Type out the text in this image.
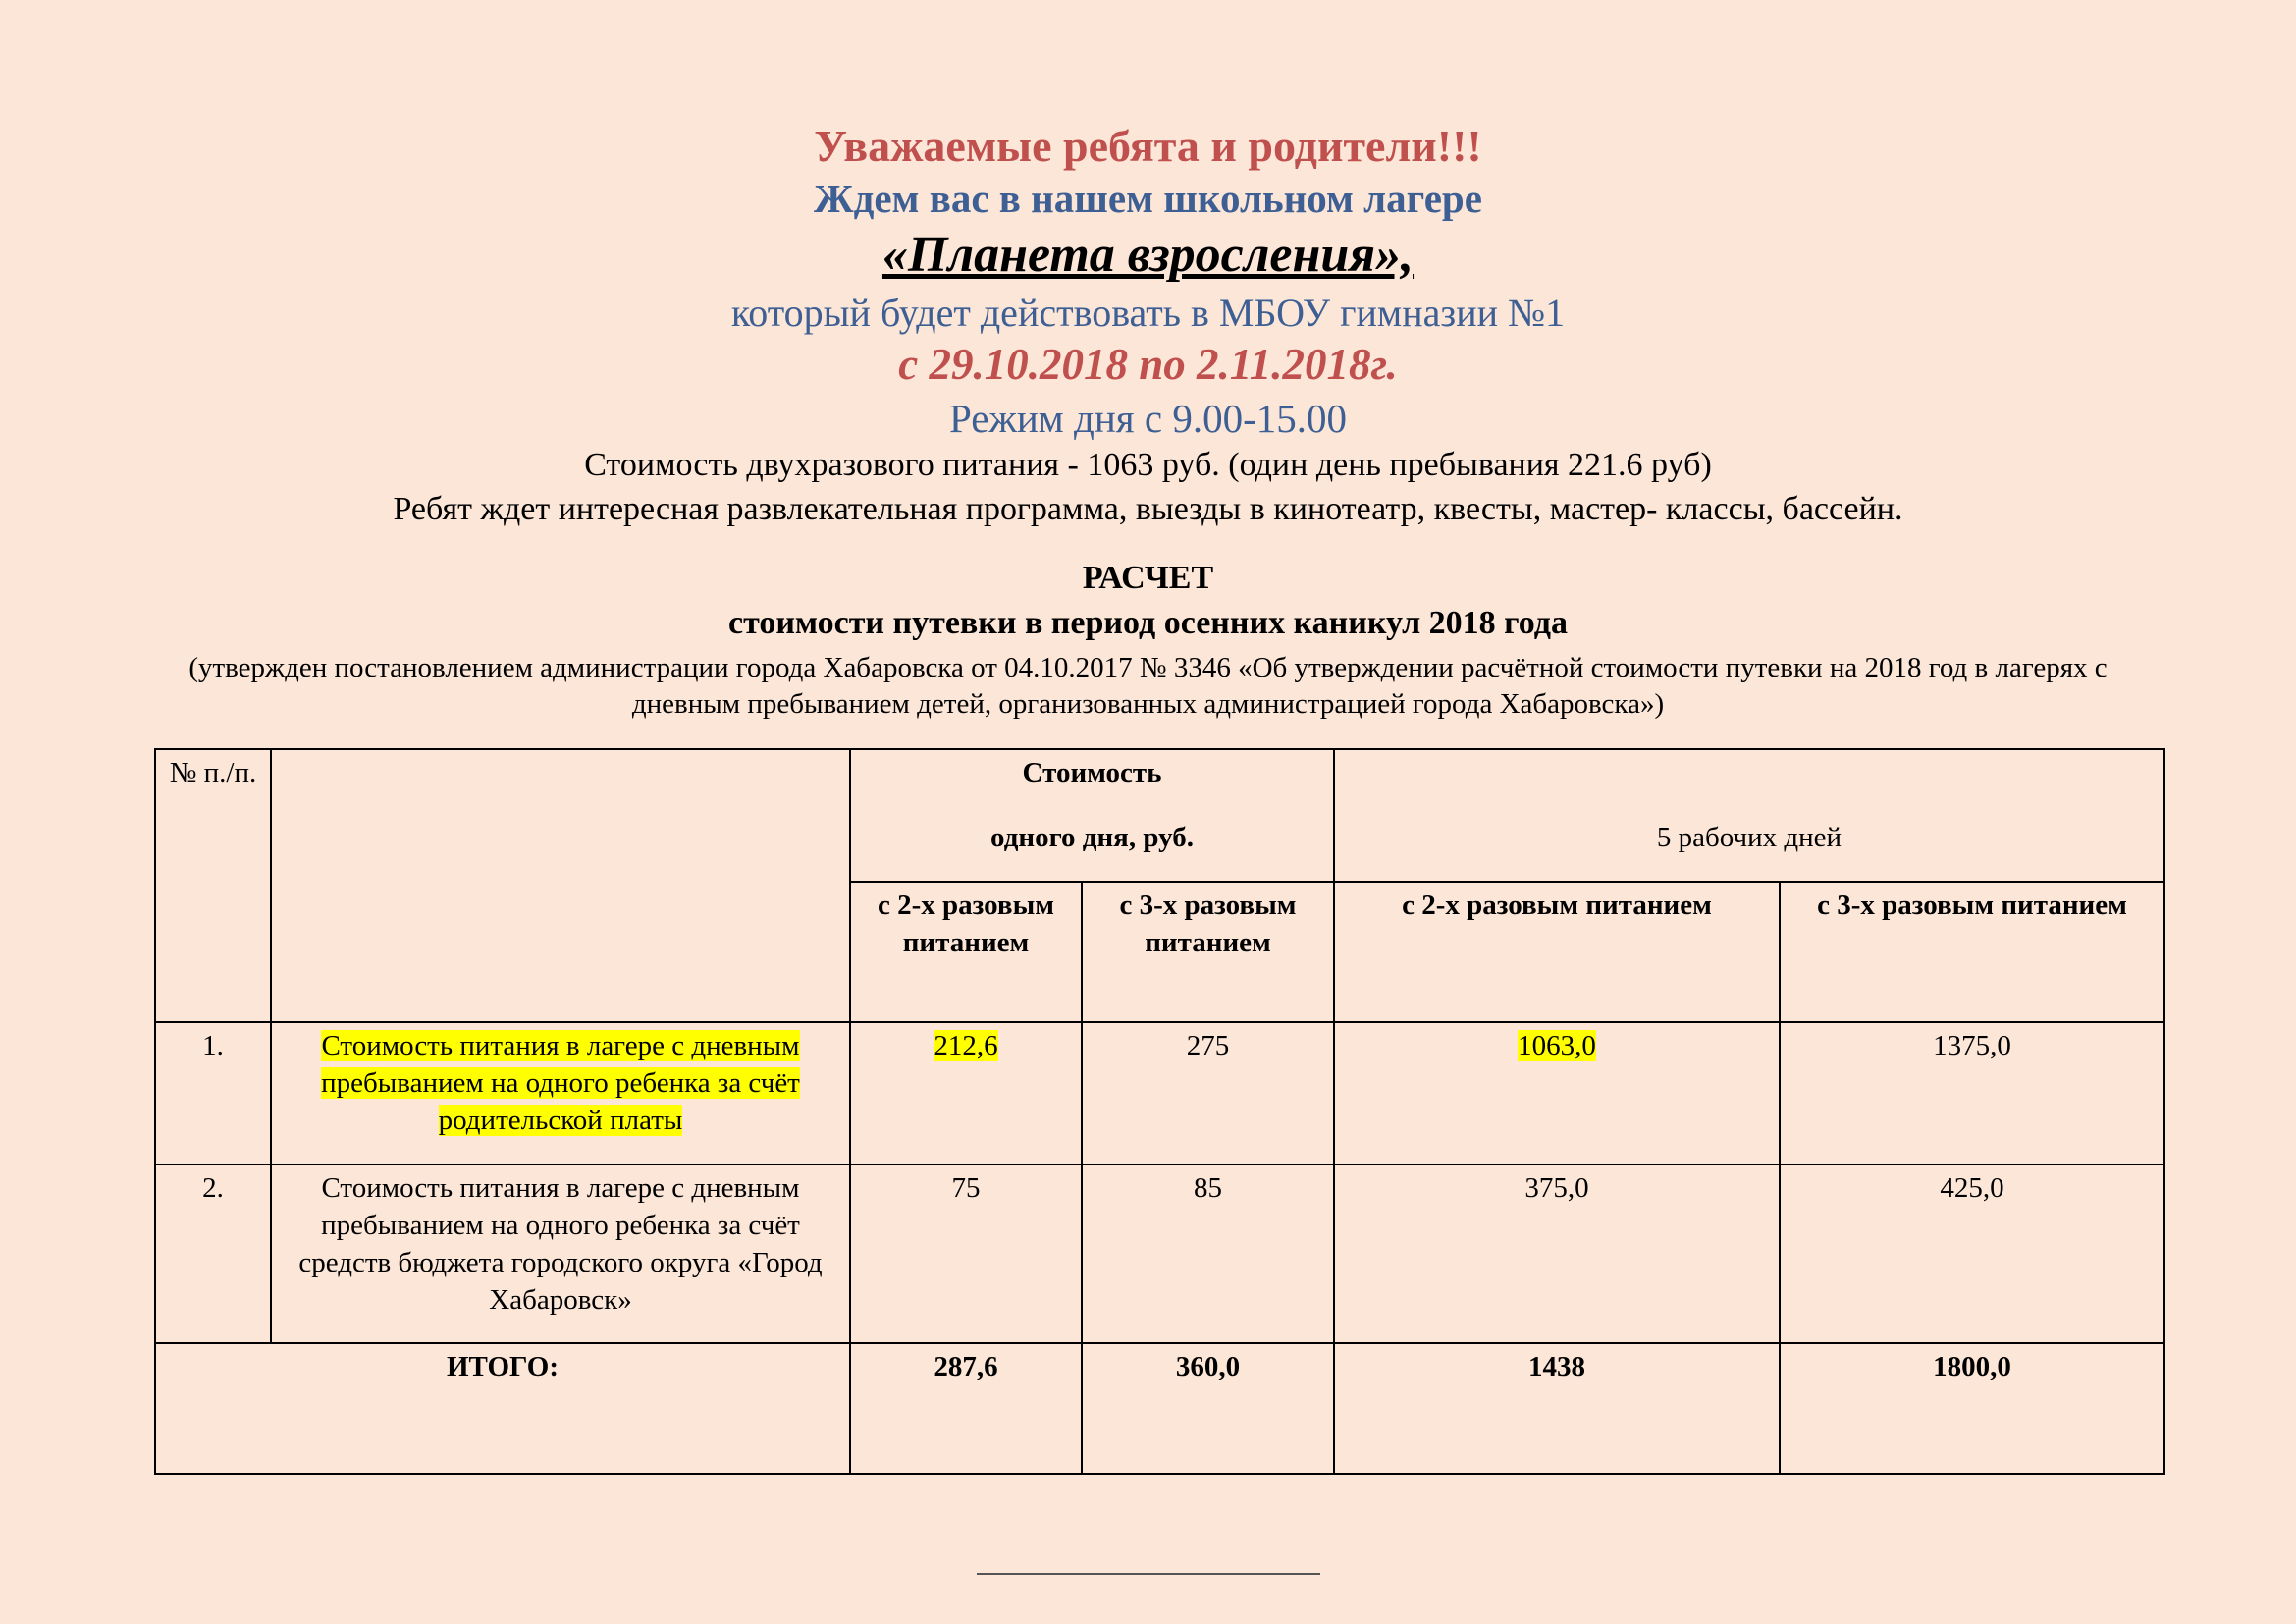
Уважаемые ребята и родители!!!
Ждем вас в нашем школьном лагере
«Планета взросления»,
который будет действовать в МБОУ гимназии №1
с 29.10.2018 по 2.11.2018г.
Режим дня с 9.00-15.00
Стоимость двухразового питания - 1063 руб. (один день пребывания 221.6 руб)
Ребят ждет интересная развлекательная программа, выезды в кинотеатр, квесты, мастер- классы, бассейн.
РАСЧЕТ
стоимости путевки в период осенних каникул 2018 года
(утвержден постановлением администрации города Хабаровска от 04.10.2017 № 3346 «Об утверждении расчётной стоимости путевки на 2018 год в лагерях с дневным пребыванием детей, организованных администрацией города Хабаровска»)
№ п./п.		Стоимость
одного дня, руб.		5 рабочих дней	

		с 2-х разовым питанием	с 3-х разовым питанием	с 2-х разовым питанием	с 3-х разовым питанием
1.	Стоимость питания в лагере с дневным пребыванием на одного ребенка за счёт родительской платы	212,6	275	1063,0	1375,0
2.	Стоимость питания в лагере с дневным пребыванием на одного ребенка за счёт средств бюджета городского округа «Город Хабаровск»	75	85	375,0	425,0
ИТОГО:		287,6	360,0	1438	1800,0
